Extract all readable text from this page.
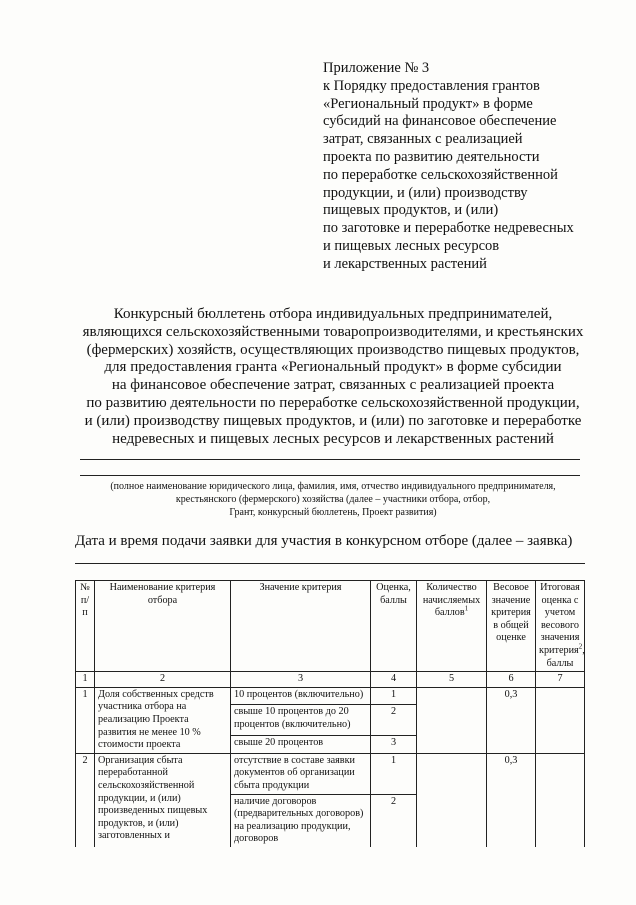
Приложение № 3
к Порядку предоставления грантов
«Региональный продукт» в форме
субсидий на финансовое обеспечение
затрат, связанных с реализацией
проекта по развитию деятельности
по переработке сельскохозяйственной
продукции, и (или) производству
пищевых продуктов, и (или)
по заготовке и переработке недревесных
и пищевых лесных ресурсов
и лекарственных растений
Конкурсный бюллетень отбора индивидуальных предпринимателей,
являющихся сельскохозяйственными товаропроизводителями, и крестьянских
(фермерских) хозяйств, осуществляющих производство пищевых продуктов,
для предоставления гранта «Региональный продукт» в форме субсидии
на финансовое обеспечение затрат, связанных с реализацией проекта
по развитию деятельности по переработке сельскохозяйственной продукции,
и (или) производству пищевых продуктов, и (или) по заготовке и переработке
недревесных и пищевых лесных ресурсов и лекарственных растений
(полное наименование юридического лица, фамилия, имя, отчество индивидуального предпринимателя,
крестьянского (фермерского) хозяйства (далее – участники отбора, отбор,
Грант, конкурсный бюллетень, Проект развития)
Дата и время подачи заявки для участия в конкурсном отборе (далее – заявка)
№ п/п	Наименование критерия отбора	Значение критерия	Оценка, баллы	Количество начисляемых баллов$^1$	Весовое значение критерия в общей оценке	Итоговая оценка с учетом весового значения критерия$^2$, баллы
1	2	3	4	5	6	7
1	Доля собственных средств участника отбора на реализацию Проекта развития не менее 10 % стоимости проекта	10 процентов (включительно)	1		0,3	
		свыше 10 процентов до 20 процентов (включительно)	2			
		свыше 20 процентов	3			
2	Организация сбыта переработанной сельскохозяйственной продукции, и (или) произведенных пищевых продуктов, и (или) заготовленных и	отсутствие в составе заявки документов об организации сбыта продукции	1		0,3	
		наличие договоров (предварительных договоров) на реализацию продукции, договоров	2			
